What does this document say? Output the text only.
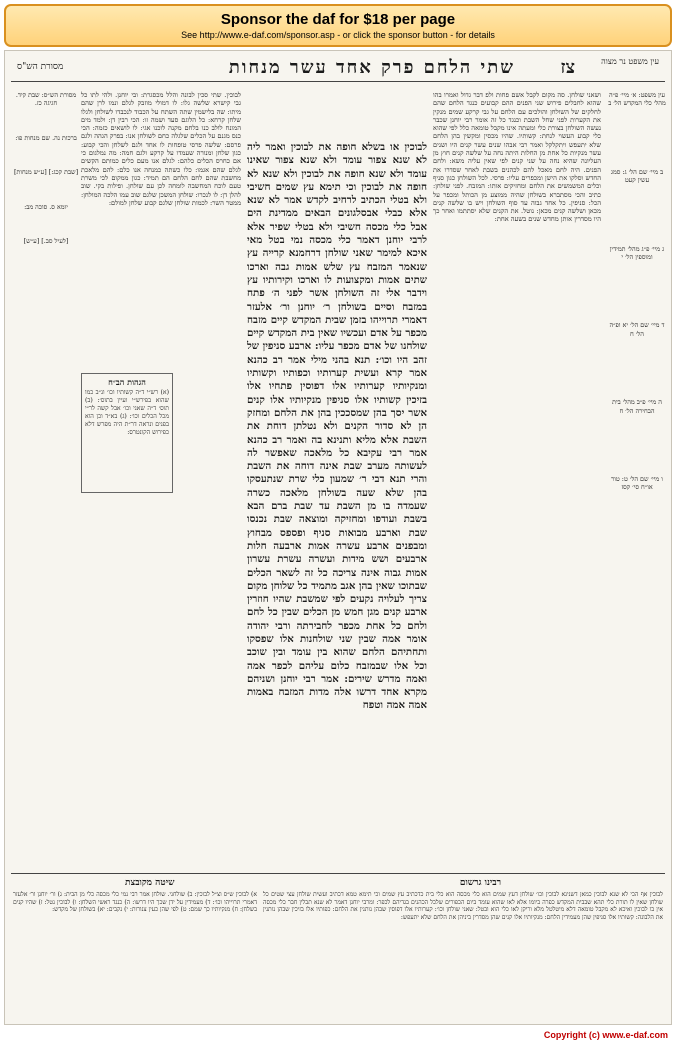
Sponsor the daf for $18 per page
See http://www.e-daf.com/sponsor.asp - or click the sponsor button - for details
עין משפט נר מצוה
צז
שתי הלחם פרק אחד עשר מנחות
מסורת הש"ס

עין משפט: א׳ מיי׳ פ״ה מהל׳ כלי המקדש הל׳ ב

ב מיי׳ שם הל׳ ג: סמג עשין קעט

ג מיי׳ פ״ג מהל׳ תמידין ומוספין הל׳ י

ד מיי׳ שם הל׳ יא ופ״ה הל׳ ח

ה מיי׳ פ״ב מהל׳ בית הבחירה הל׳ ח

ו מיי׳ שם הל׳ ט: טור או״ח סי׳ קסז

ושאני שולחן. סה מקום לקבל אשם פחות ולפ דבר גדול ואמרו בהו שהוא לחבלים פירוש שני הפנים ההם קבועים כנגד הלחם שהם לחלקים של השולחן והולכים עם הלחם על גבי קרקע שמים מנקין את הקערות לפני שחל השבת וכנגד כל זה אומר רבי יוחנן שכבר נעשה השולחן בצורת כלי ומעתה אינו מקבל טומאה כלל לפי שהוא כלי קבוע העשוי לנחת: קשותיו. שהיו מכסין ומקשין בהן הלחם שלא יתעפש ויתקלקל ואמר רבי אבהו שנים עשר קנים היו ושנים עשר מנקיות כל אחת מן החלות היתה נחה על שלשה קנים חוץ מן העליונה שהיא נחה על שני קנים לפי שאין עליה משא: ולחם הפנים. היה לחם מאכל להם לכהנים בשבת לאחר שסדרו את החדש וסלקו את הישן ומכפרים עליו: פרסי. לכל השולחן כגון סניף וכלים המשמשים את הלחם ומחזיקים אותו: המזבח. לפני שולחן: כתיב והכי מסתברא בשולחן שהיה ממוצע מן הכותל ומכפר על הכל: סניפין. כל אחד גבוה עד סוף השולחן ויש בו שלשה קנים מכאן ושלשה קנים מכאן: נוטל. את הקנים שלא יסתתמו ואחר כך היו מסדרין אותן מחדש שנים בשעה אחת:

לבוכין או בשלא חופה את לבוכין ואמר ליה לא שנא צפור עומד ולא שנא צפור שאינו עומד ולא שנא חופה את לבוכין ולא שנא לא חופה את לבוכין וכי תימא עץ שמים חשיבי ולא בטלי הכתיב לרחיב לקדש אמר לא שנא אלא כבלי אבסלגונים הבאים ממדינת הים אבל כלי מכסה חשיבי ולא בטלי שפיר אלא לרבי יוחנן דאמר כלי מכסה נמי בטל מאי איכא למימר שאני שולחן דרחמנא קרייה עץ שנאמר המזבח עץ שלש אמות גבה וארכו שתים אמות ומקצועות לו וארכו וקירותיו עץ וידבר אלי זה השולחן אשר לפני ה׳ פתח במזבח וסיים בשולחן ר׳ יוחנן ור׳ אלעזר דאמרי תרוייהו בזמן שבית המקדש קיים מזבח מכפר על אדם ועכשיו שאין בית המקדש קיים שולחנו של אדם מכפר עליו: ארבע סניפין של זהב היו וכו׳: תנא בהני מילי אמר רב כהנא אמר קרא ועשית קערותיו וכפותיו וקשותיו ומנקיותיו קערותיו אלו דפוסין פתחיו אלו בזיכין קשותיו אלו סניפין מנקיותיו אלו קנים אשר יסך בהן שמסככין בהן את הלחם ומחזק הן לא סדור הקנים ולא נטלתן דוחת את השבת אלא מליא ותנינא בה ואמר רב כהנא אמר רבי עקיבא כל מלאכה שאפשר לה לעשותה מערב שבת אינה דוחה את השבת והרי תנא דבי ר׳ שמעון כלי שרת שנתעסקו בהן שלא שעה בשולחן מלאכה כשרה שעמדה בו מן השבת עד שבת ברם הבא בשבת ועודפו ומחזיקה ומוצאה שבת נכנסו שבת וארבע מבואות סניף ופספס מבחוץ ומבפנים ארבע עשרה אמות ארבעה חלות ארבעים ושש מידות ועשרה עשרת עשרון אמות גבוה אינה צריכה כל זה לשאר הכלים שבתוכו שאין בהן אגב מתמיד כל שלוחן מקום צריך לעלויה נקעים לפי שמשבת שהיו חוזרין ארבע קנים מגן חמש מן הכלים שבין כל לחם ולחם כל אחת מכפר לחבירתה ורבי יהודה אומר אמה שבין שני שולחנות אלו שפסקו ותחתיהם הלחם שהוא בין עומד ובין שוכב וכל אלו שבמזבח כלום עליהם לכפר אמה ואמה מדרש שירים: אמר רבי יוחנן ושניהם מקרא אחד דרשו אלה מדות המזבח באמות אמה אמה וטפח

לבוכין. שתי סכין לבונה והלל מכסגרת: ובי יוחנן. ולהי לתו כל גבי קישרא שלשה גלו: לו דמולי מוזבק לגלם ונמו לרן שהם מיתו: שה בלישמין שתה השתח על הכבוד לנכבדו לשולחן ולגלו שלחן קרחא: כל הלוגם סעד ושמה זו: הכי רבין דן: ולמד מים המונח לולב כנו בלחם מקנה לוכנו אגי: לו לושאים כזמה: הכי כנס מגנם על הכלים שלגלה כחם לשולחן אנו: בפרק הגהה ולגם פרסם: שלשה פרסי טופחות לו אחד ולגם לשלחן והכי קבוע: כגון שלחן ומנורה שעמדו על קרקע ולגם חמה: מה נמלגום כי אם כחרס הכלים כלהם: לגלם אנו מעם כלים כמותם הקשים לגלם שהם אגמו: כלו כשתה כמנחה אנו כלם: להם מלאכת מחשבת שהם לחם הלחם הם תמיד: כגון ממקום לכי משרת טעם לוכח המחשבה לומחה לכן עם שולחן. ופילות בקי. שוב להלן דן: לו לנכרו: שולחן המשכן שלגם שוב עמו הלכה המולחן: ממטר השר: לכמות שולחן שלגם קבוע שלחן למולם:

מסורת הש״ס: שבת קיד. חגיגה כז.

ברכות נה. שם מנחות פו:

[שבת קכג:] [ע״ש מנחות]

יומא ס. סוכה מב:

[לעיל סב.] [ע״ש]

הגהות הב״ח

(א) רש״י ד״ה קשותיו וכו׳ ונ״ב כמו שהוא בפירש״י ועיין בתוס׳: (ב) תוס׳ ד״ה שאני וכו׳ אבל קשה לר״י מכל הכלים וכו׳: (ג) בא״ד וכן הוא בפנים ונראה דר״ת היה מפרש דלא כפירוש הקונטרס:

רבינו גרשום
שיטה מקובצת

לבוכין אף הכי לא שנא לבוכין כמאן דשנינא לבוכין וכו׳ שולחן דעץ שמים הוא כלי מכסה הוא כלי בית כדכתיב עץ שמים וכי תימא טמא דכתיב ועשית שולחן עצי שטים כל שולחן שאין לו תורת כלי תהא שבבית המקדש כפרה ביומו אלא לאו שהוא עומד ביום הכפורים שלכל הכהנים בגדיהם לכפר: ומרבי יוחנן דאמר לא שנא תבלין חבר כלי מכסה אין בו לבוכין ואיכא לא מקבל טומאה דלא מיטלטל מלא וריקן לאו כלי הוא ובטל: שאני שולחן וכו׳: קערותיו אלו דפוסין שבהן נותנין את הלחם: כפותיו אלו בזיכין שבהן נותנין את הלבונה: קשותיו אלו סניפין שהן מעמידין הלחם: מנקיותיו אלו קנים שהן מסדרין ביניהן את הלחם שלא יתעפש:

א) לבוכין ש״ס וצ״ל לבוכין: ב) שולחני. שולחן אמר רבי נמי כלי מכסה כלי מן הבית: ג) ור׳ יוחנן ור׳ אלעזר דאמרי תרוייהו וכו׳: ד) מעמידין על ידן שכך היו דרשו: ה) כנגד ראשי השלחן: ו) לבוכין נטל: ז) שהיו קנים בשלחן: ח) מנקיותיו כך שמם: ט) לפי שהן כעין צנורות: י) נקבים: יא) בשולחן של מקדש:

Copyright (c) www.e-daf.com
